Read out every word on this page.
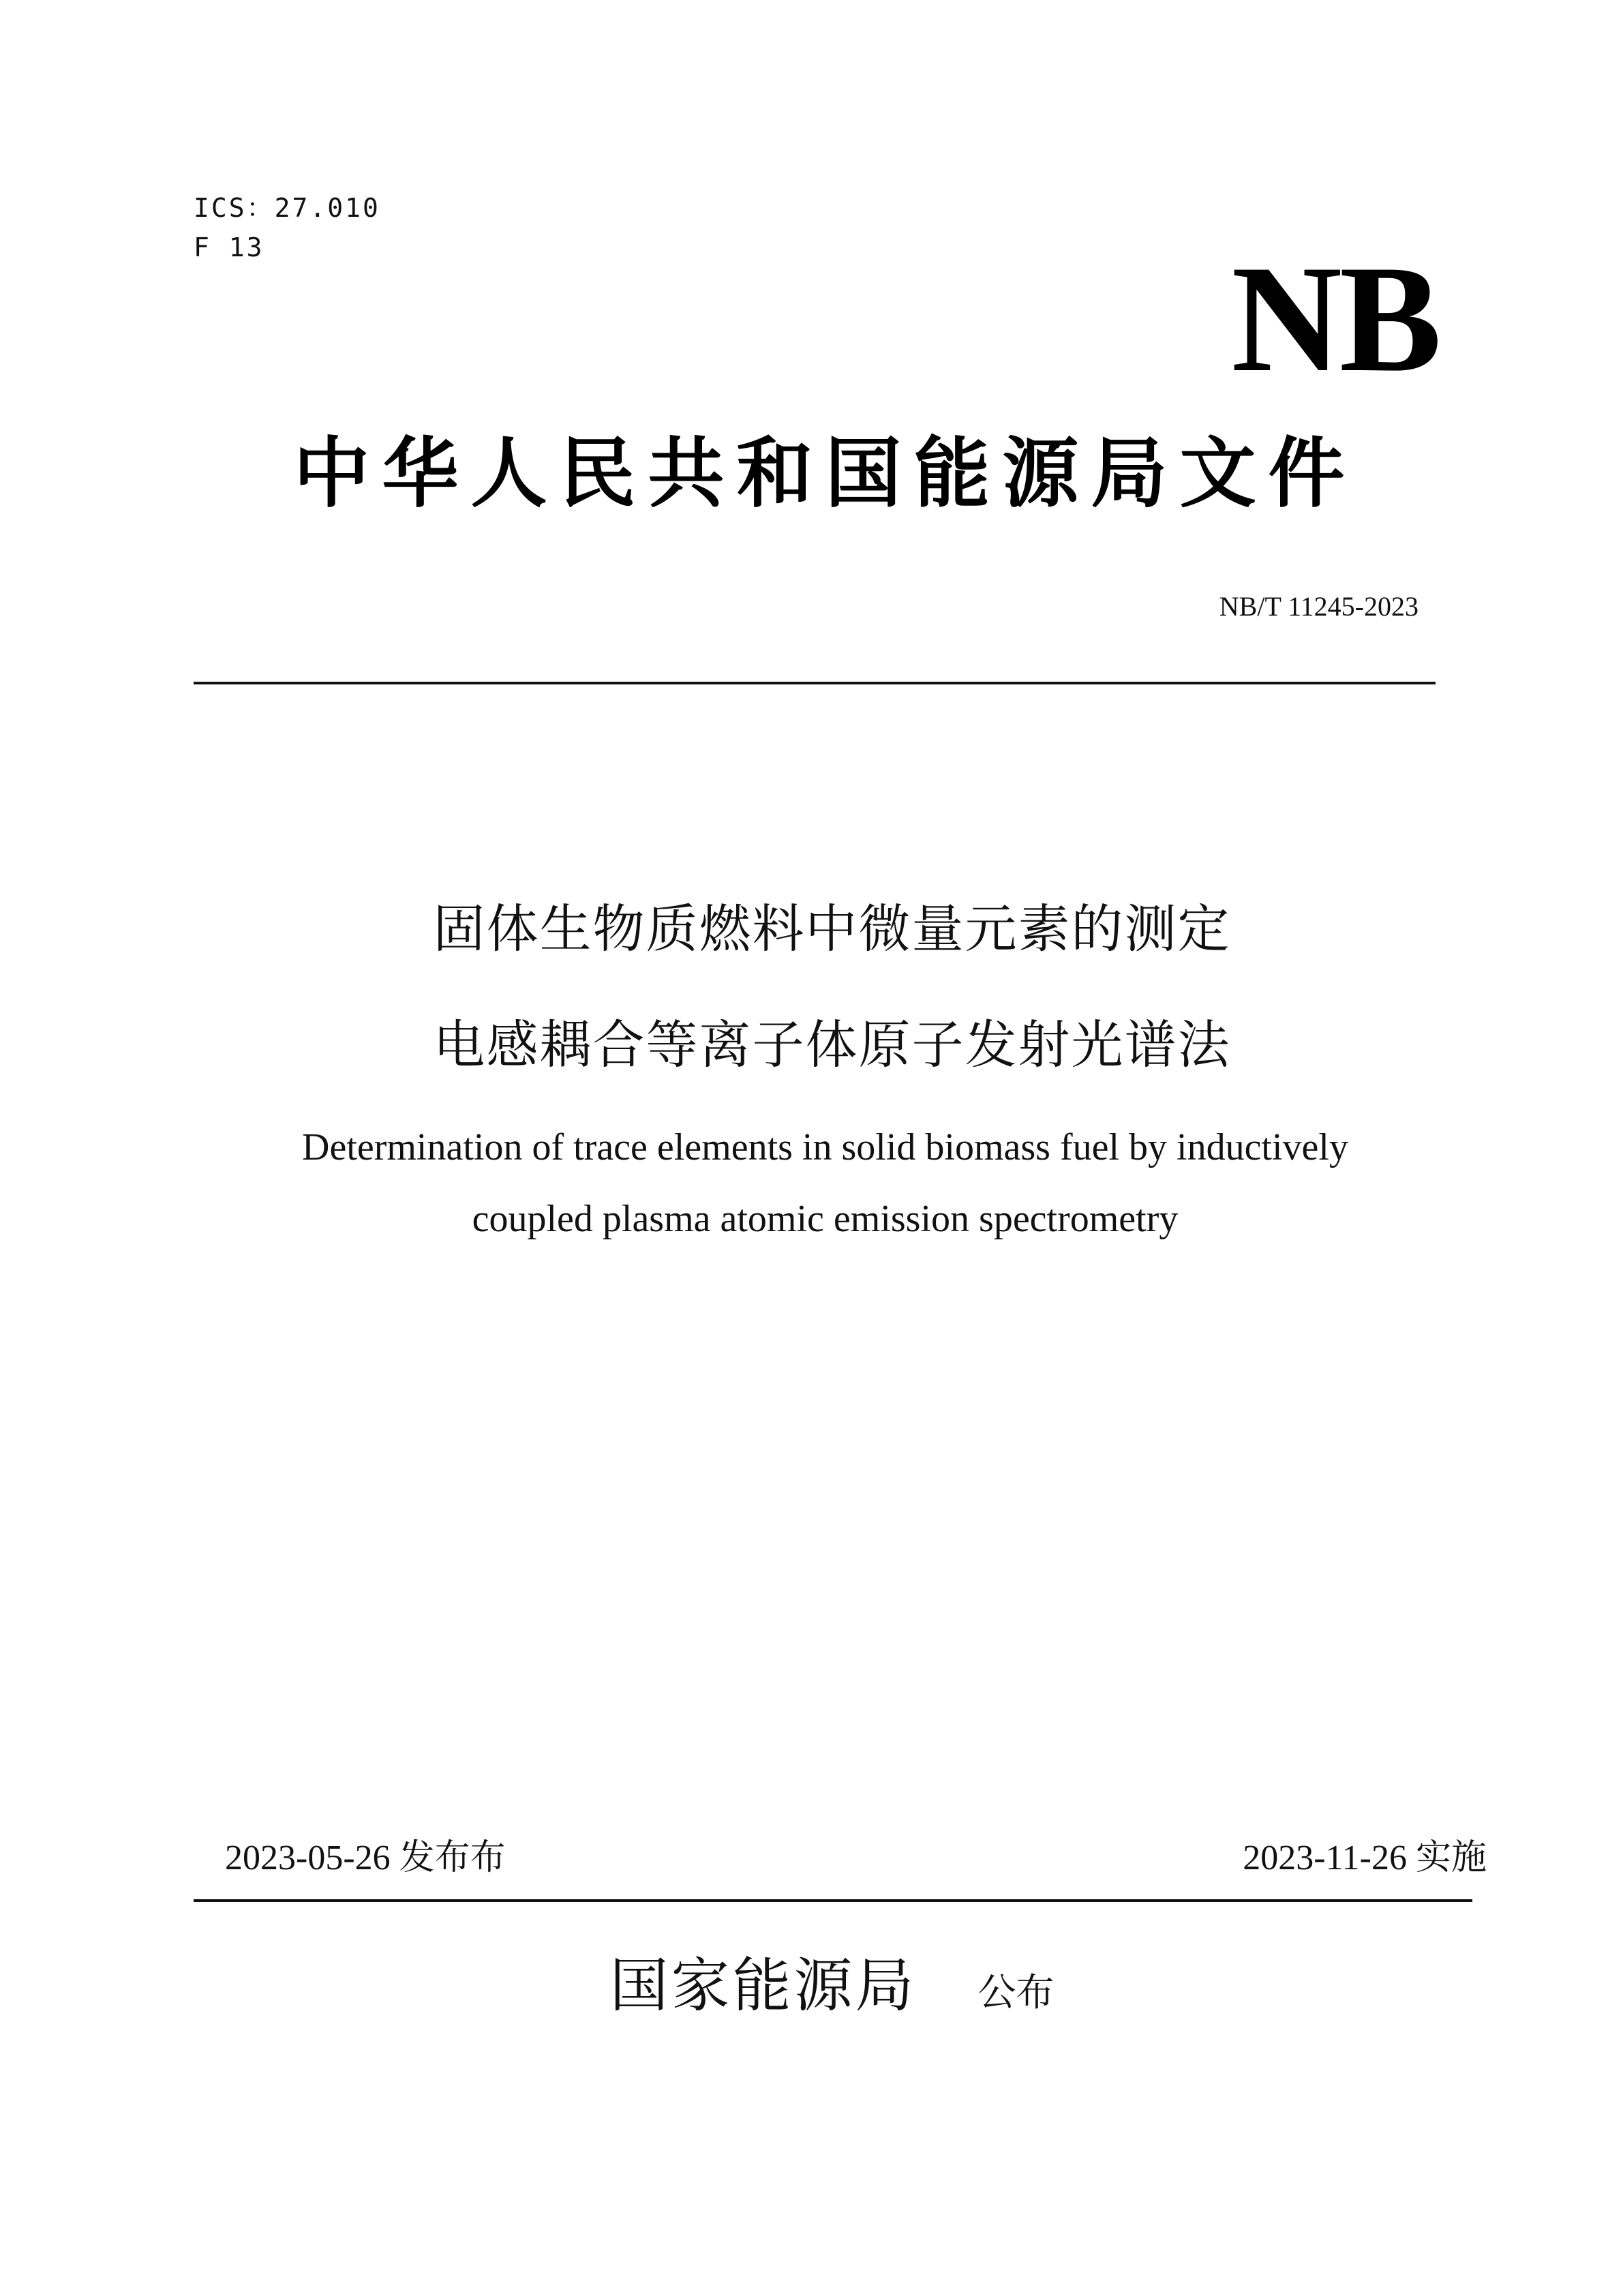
ICS：27.010
F 13	NB
中华人民共和国能源局文件
NB/T 11245-2023
固体生物质燃料中微量元素的测定
电感耦合等离子体原子发射光谱法
Determination of trace elements in solid biomass fuel by inductively
coupled plasma atomic emission spectrometry
2023-05-26 发布布	2023-11-26 实施
国家能源局 公布
